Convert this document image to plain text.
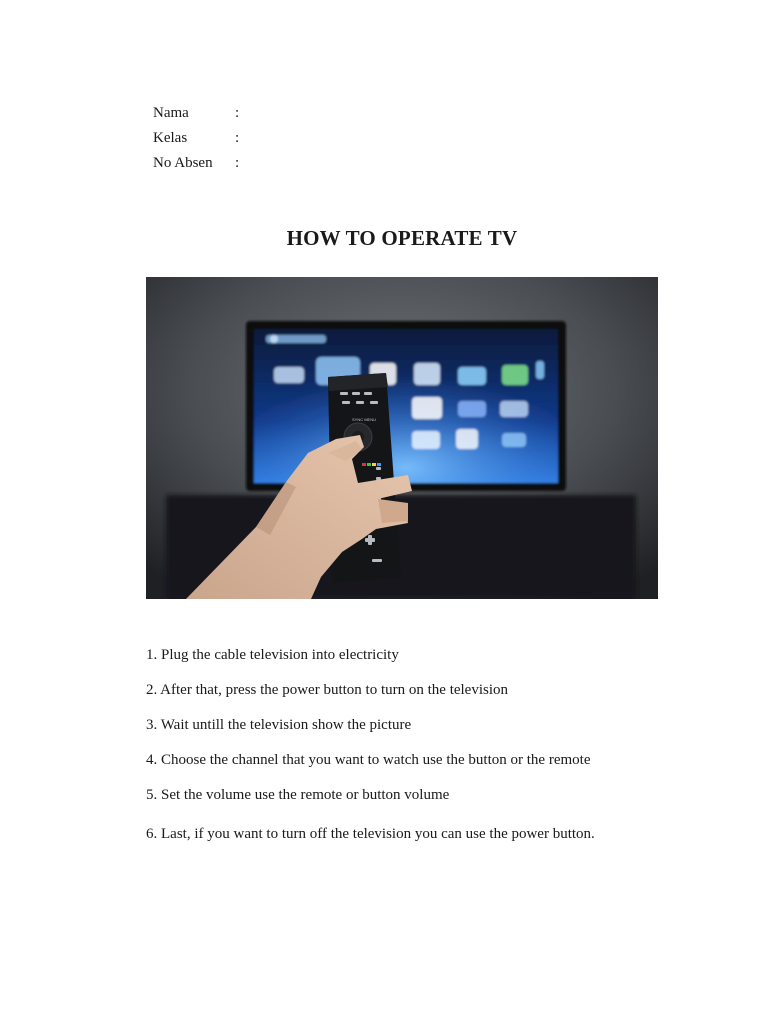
Nama	:
Kelas	:
No Absen	:
HOW TO OPERATE TV
SYNC MENU
1. Plug the cable television into electricity
2. After that, press the power button to turn on the television
3. Wait untill the television show the picture
4. Choose the channel that you want to watch use the button or the remote
5. Set the volume use the remote or button volume
6. Last, if you want to turn off the television you can use the power button.
